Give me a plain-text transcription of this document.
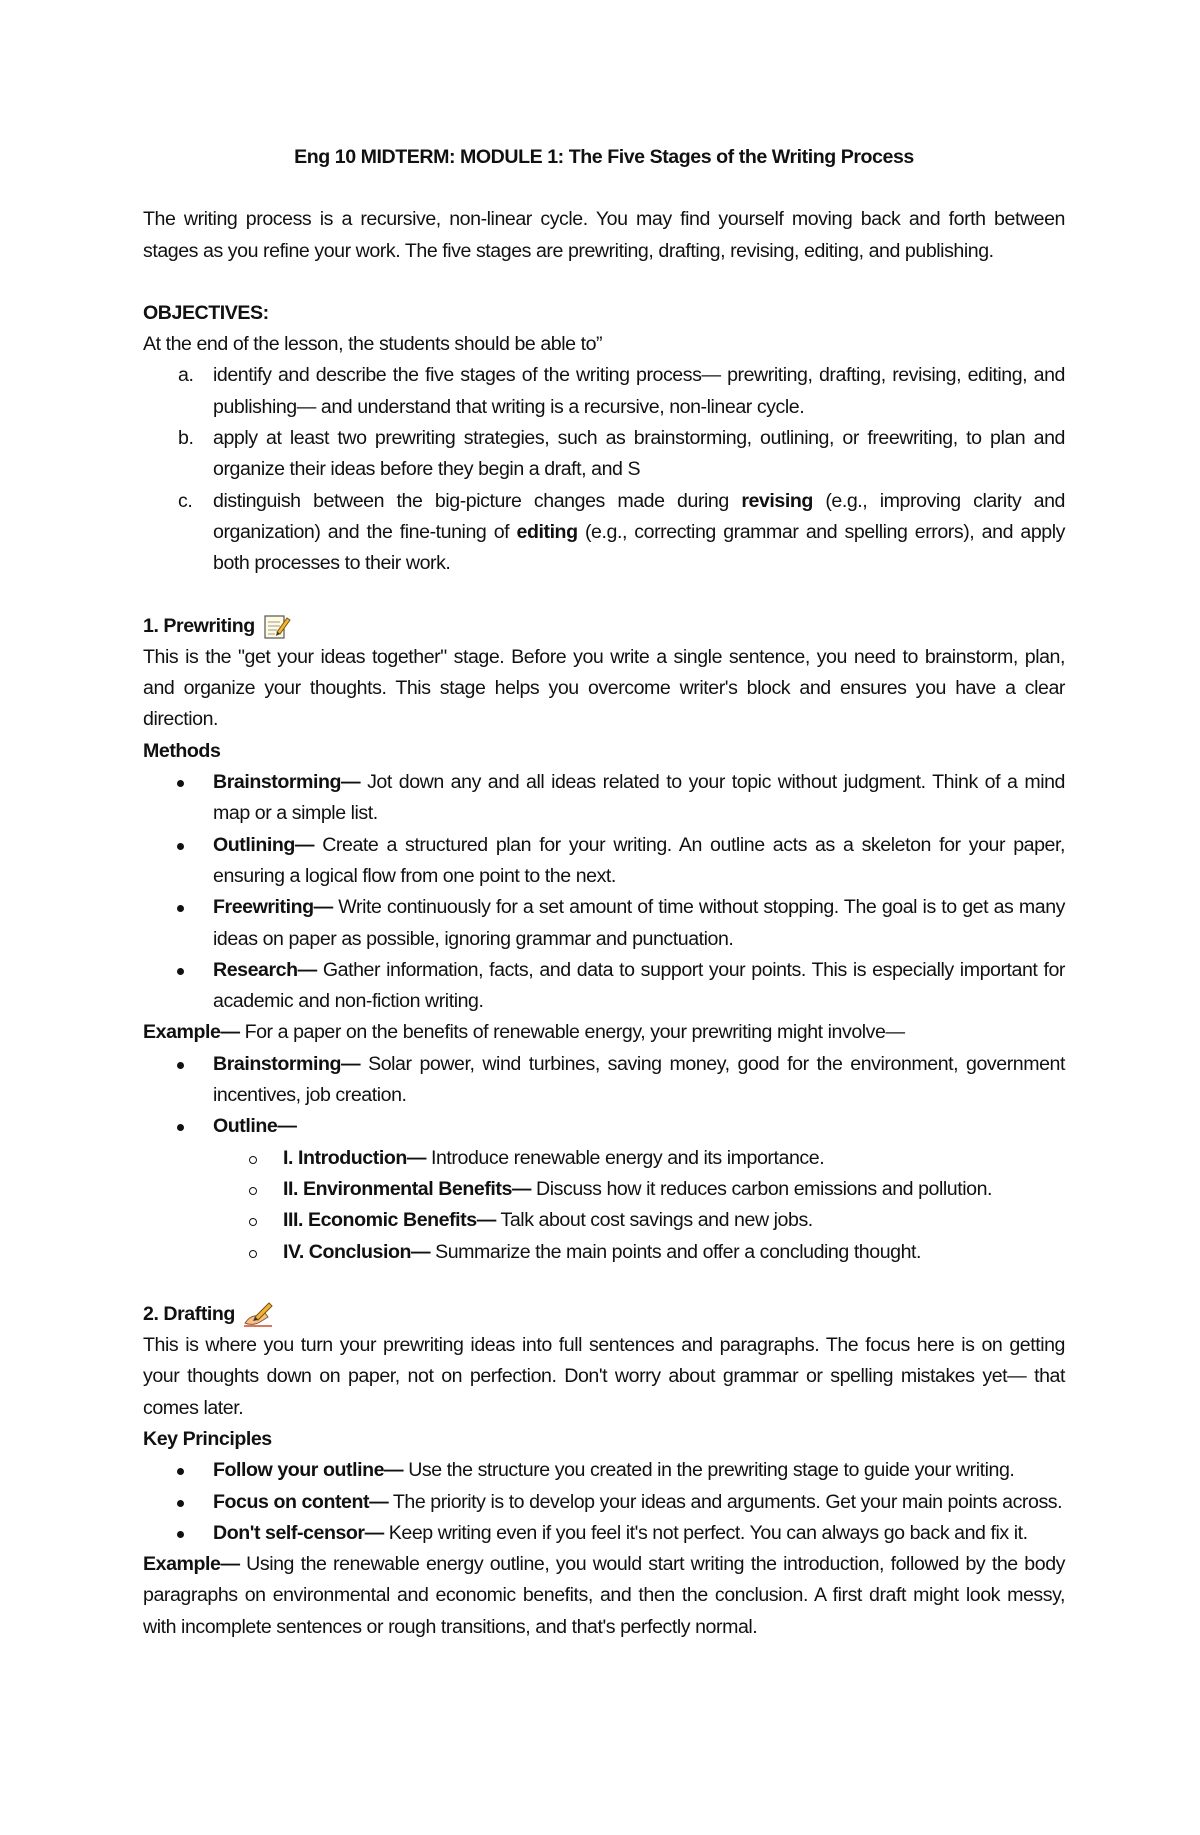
Eng 10 MIDTERM: MODULE 1: The Five Stages of the Writing Process

The writing process is a recursive, non-linear cycle. You may find yourself moving back and forth between stages as you refine your work. The five stages are prewriting, drafting, revising, editing, and publishing.

OBJECTIVES:

At the end of the lesson, the students should be able to”

a. identify and describe the five stages of the writing process— prewriting, drafting, revising, editing, and publishing— and understand that writing is a recursive, non-linear cycle.
b. apply at least two prewriting strategies, such as brainstorming, outlining, or freewriting, to plan and organize their ideas before they begin a draft, and S
c. distinguish between the big-picture changes made during revising (e.g., improving clarity and organization) and the fine-tuning of editing (e.g., correcting grammar and spelling errors), and apply both processes to their work.
1. Prewriting

This is the "get your ideas together" stage. Before you write a single sentence, you need to brainstorm, plan, and organize your thoughts. This stage helps you overcome writer's block and ensures you have a clear direction.

Methods

Brainstorming— Jot down any and all ideas related to your topic without judgment. Think of a mind map or a simple list.
Outlining— Create a structured plan for your writing. An outline acts as a skeleton for your paper, ensuring a logical flow from one point to the next.
Freewriting— Write continuously for a set amount of time without stopping. The goal is to get as many ideas on paper as possible, ignoring grammar and punctuation.
Research— Gather information, facts, and data to support your points. This is especially important for academic and non-fiction writing.

Example— For a paper on the benefits of renewable energy, your prewriting might involve—

Brainstorming— Solar power, wind turbines, saving money, good for the environment, government incentives, job creation.
Outline—
I. Introduction— Introduce renewable energy and its importance.
II. Environmental Benefits— Discuss how it reduces carbon emissions and pollution.
III. Economic Benefits— Talk about cost savings and new jobs.
IV. Conclusion— Summarize the main points and offer a concluding thought.
2. Drafting

This is where you turn your prewriting ideas into full sentences and paragraphs. The focus here is on getting your thoughts down on paper, not on perfection. Don't worry about grammar or spelling mistakes yet— that comes later.

Key Principles

Follow your outline— Use the structure you created in the prewriting stage to guide your writing.
Focus on content— The priority is to develop your ideas and arguments. Get your main points across.
Don't self-censor— Keep writing even if you feel it's not perfect. You can always go back and fix it.

Example— Using the renewable energy outline, you would start writing the introduction, followed by the body paragraphs on environmental and economic benefits, and then the conclusion. A first draft might look messy, with incomplete sentences or rough transitions, and that's perfectly normal.
